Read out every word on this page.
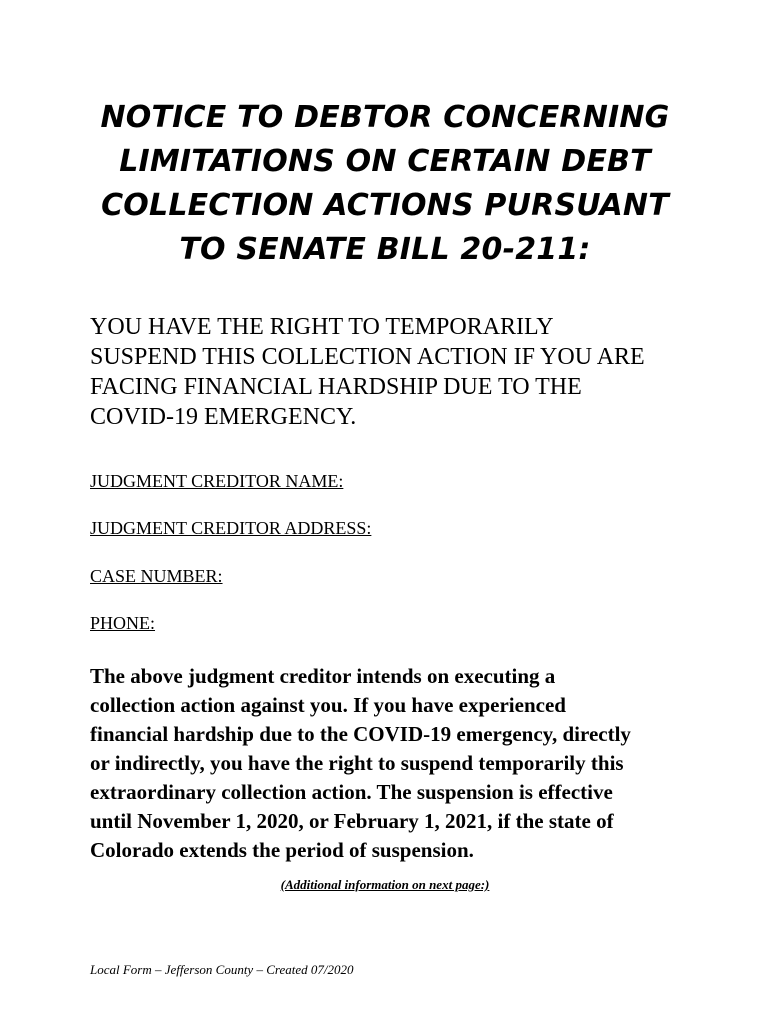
NOTICE TO DEBTOR CONCERNING
LIMITATIONS ON CERTAIN DEBT
COLLECTION ACTIONS PURSUANT
TO SENATE BILL 20-211:

YOU HAVE THE RIGHT TO TEMPORARILY
SUSPEND THIS COLLECTION ACTION IF YOU ARE
FACING FINANCIAL HARDSHIP DUE TO THE
COVID-19 EMERGENCY.

JUDGMENT CREDITOR NAME:

JUDGMENT CREDITOR ADDRESS:

CASE NUMBER:

PHONE:

The above judgment creditor intends on executing a
collection action against you. If you have experienced
financial hardship due to the COVID-19 emergency, directly
or indirectly, you have the right to suspend temporarily this
extraordinary collection action. The suspension is effective
until November 1, 2020, or February 1, 2021, if the state of
Colorado extends the period of suspension.

(Additional information on next page:)

Local Form – Jefferson County – Created 07/2020
